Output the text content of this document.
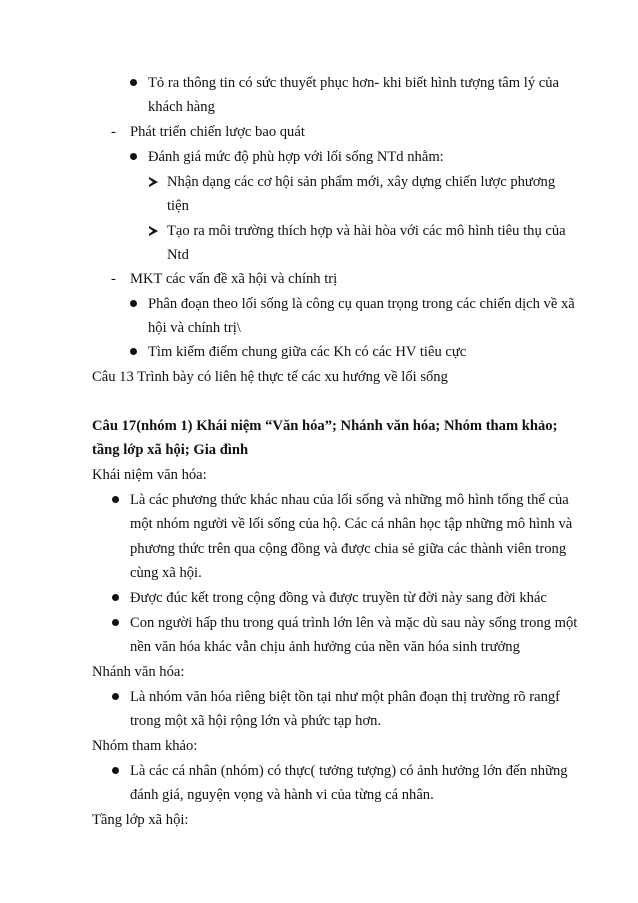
Tỏ ra thông tin có sức thuyết phục hơn- khi biết hình tượng tâm lý của
khách hàng
- Phát triển chiến lược bao quát
Đánh giá mức độ phù hợp với lối sống NTd nhằm:
Nhận dạng các cơ hội sản phẩm mới, xây dựng chiến lược phương
tiện
Tạo ra môi trường thích hợp và hài hòa với các mô hình tiêu thụ của
Ntd
- MKT các vấn đề xã hội và chính trị
Phân đoạn theo lối sống là công cụ quan trọng trong các chiến dịch về xã
hội và chính trị\
Tìm kiếm điểm chung giữa các Kh có các HV tiêu cực
Câu 13 Trình bày có liên hệ thực tế các xu hướng về lối sống
Câu 17(nhóm 1) Khái niệm “Văn hóa”; Nhánh văn hóa; Nhóm tham khảo;
tầng lớp xã hội; Gia đình
Khái niệm văn hóa:
Là các phương thức khác nhau của lối sống và những mô hình tổng thể của
một nhóm người về lối sống của hộ. Các cá nhân học tập những mô hình và
phương thức trên qua cộng đồng và được chia sẻ giữa các thành viên trong
cùng xã hội.
Được đúc kết trong cộng đồng và được truyền từ đời này sang đời khác
Con người hấp thu trong quá trình lớn lên và mặc dù sau này sống trong một
nền văn hóa khác vẫn chịu ảnh hưởng của nền văn hóa sinh trưởng
Nhánh văn hóa:
Là nhóm văn hóa riêng biệt tồn tại như một phân đoạn thị trường rõ rangf
trong một xã hội rộng lớn và phức tạp hơn.
Nhóm tham khảo:
Là các cá nhân (nhóm) có thực( tưởng tượng) có ảnh hưởng lớn đến những
đánh giá, nguyện vọng và hành vi của từng cá nhân.
Tầng lớp xã hội:
